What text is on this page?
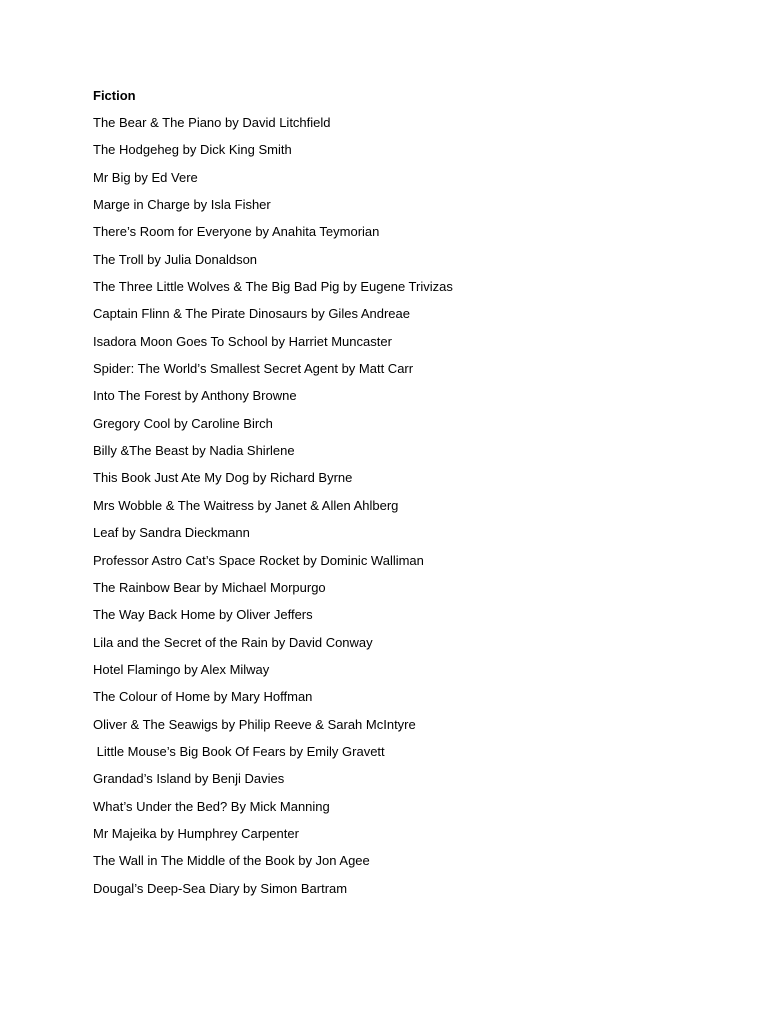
Fiction
The Bear & The Piano by David Litchfield
The Hodgeheg by Dick King Smith
Mr Big by Ed Vere
Marge in Charge by Isla Fisher
There’s Room for Everyone by Anahita Teymorian
The Troll by Julia Donaldson
The Three Little Wolves & The Big Bad Pig by Eugene Trivizas
Captain Flinn & The Pirate Dinosaurs by Giles Andreae
Isadora Moon Goes To School by Harriet Muncaster
Spider: The World’s Smallest Secret Agent by Matt Carr
Into The Forest by Anthony Browne
Gregory Cool by Caroline Birch
Billy &The Beast by Nadia Shirlene
This Book Just Ate My Dog by Richard Byrne
Mrs Wobble & The Waitress by Janet & Allen Ahlberg
Leaf by Sandra Dieckmann
Professor Astro Cat’s Space Rocket by Dominic Walliman
The Rainbow Bear by Michael Morpurgo
The Way Back Home by Oliver Jeffers
Lila and the Secret of the Rain by David Conway
Hotel Flamingo by Alex Milway
The Colour of Home by Mary Hoffman
Oliver & The Seawigs by Philip Reeve & Sarah McIntyre
Little Mouse’s Big Book Of Fears by Emily Gravett
Grandad’s Island by Benji Davies
What’s Under the Bed? By Mick Manning
Mr Majeika by Humphrey Carpenter
The Wall in The Middle of the Book by Jon Agee
Dougal’s Deep-Sea Diary by Simon Bartram
